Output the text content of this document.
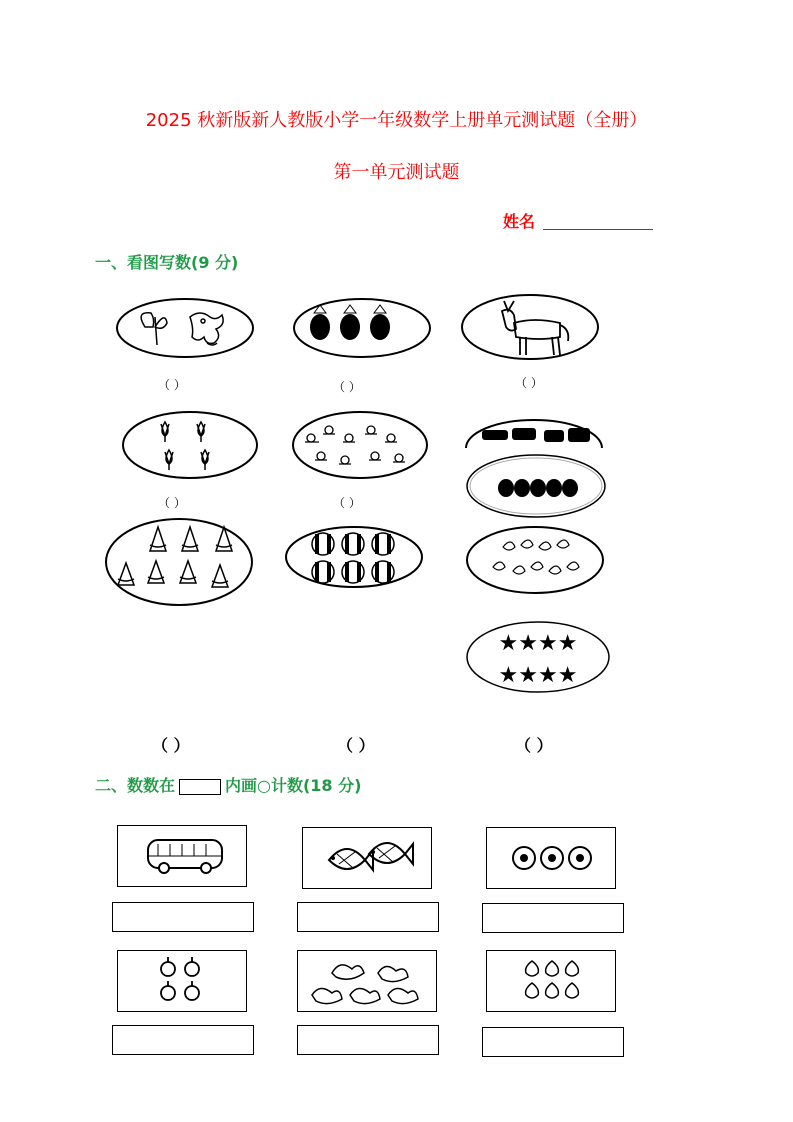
2025 秋新版新人教版小学一年级数学上册单元测试题（全册）
第一单元测试题
姓名
一、看图写数(9 分)
（ ）	（ ）	（ ）
（ ）	（ ）
★★★★
★★★★
（ ）	（ ）	（ ）
二、数数在	内画○计数(18 分)
